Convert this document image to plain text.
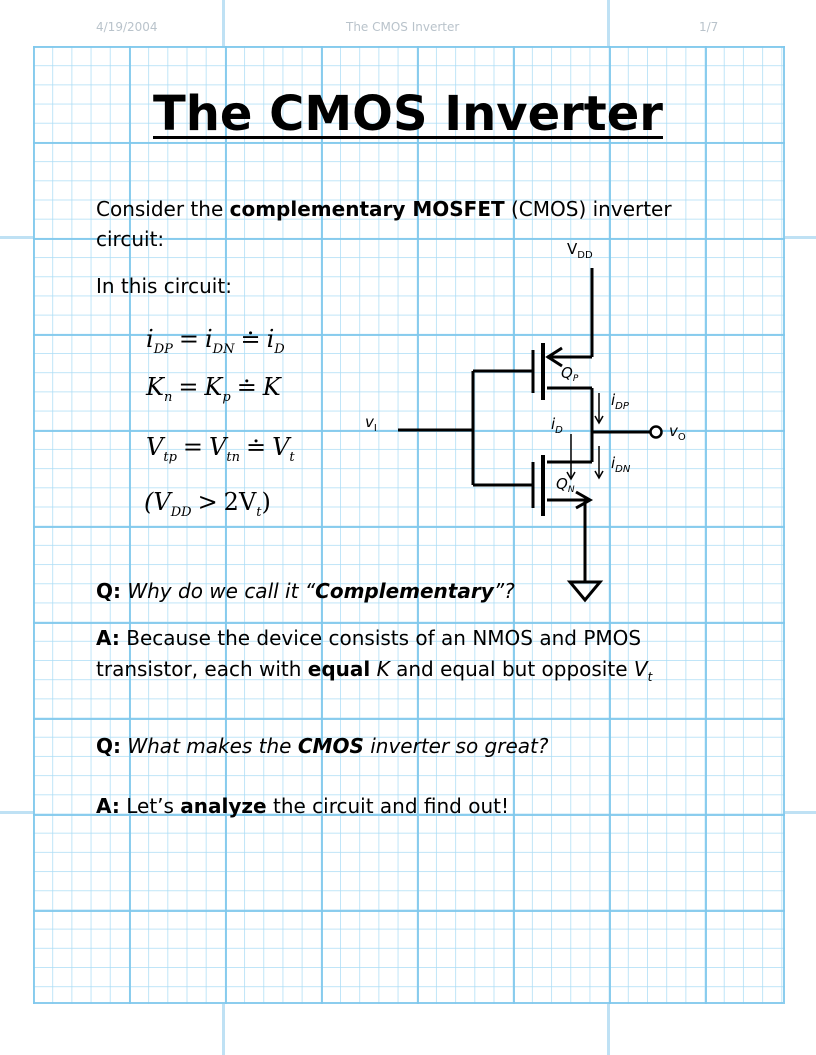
4/19/2004	The CMOS Inverter	1/7
The CMOS Inverter
Consider the complementary MOSFET (CMOS) inverter
circuit:
In this circuit:
$i_{DP} = i_{DN}$ ≐ $i_D$
$K_n = K_p$ ≐ K
$V_{tp} = V_{tn}$ ≐ $V_t$
$(V_{DD} > 2V_t)$
$V_{DD}$
$v_I$	$v_O$
$Q_P$
$Q_N$
$i_{DP}$
$i_D$
$i_{DN}$
Q: Why do we call it “Complementary”?
A: Because the device consists of an NMOS and PMOS
transistor, each with equal K and equal but opposite $V_t$
Q: What makes the CMOS inverter so great?
A: Let’s analyze the circuit and find out!
